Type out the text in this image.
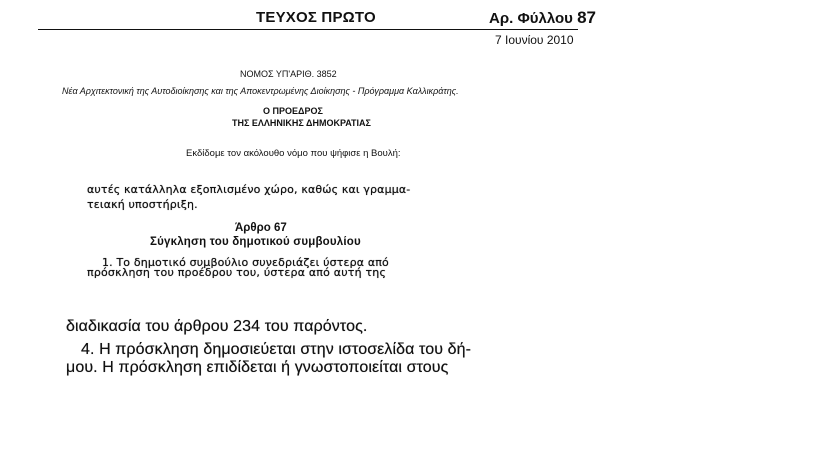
ΤΕΥΧΟΣ ΠΡΩΤΟ	Αρ. Φύλλου 87
7 Ιουνίου 2010
ΝΟΜΟΣ ΥΠ'ΑΡΙΘ. 3852
Νέα Αρχιτεκτονική της Αυτοδιοίκησης και της Αποκεντρωμένης Διοίκησης - Πρόγραμμα Καλλικράτης.
Ο ΠΡΟΕΔΡΟΣ
ΤΗΣ ΕΛΛΗΝΙΚΗΣ ΔΗΜΟΚΡΑΤΙΑΣ
Εκδίδομε τον ακόλουθο νόμο που ψήφισε η Βουλή:
αυτές κατάλληλα εξοπλισμένο χώρο, καθώς και γραμμα-
τειακή υποστήριξη.
Άρθρο 67
Σύγκληση του δημοτικού συμβουλίου
1. Το δημοτικό συμβούλιο συνεδριάζει ύστερα από
πρόσκληση του προέδρου του, ύστερα από αυτή της
διαδικασία του άρθρου 234 του παρόντος.
4. Η πρόσκληση δημοσιεύεται στην ιστοσελίδα του δή-
μου. Η πρόσκληση επιδίδεται ή γνωστοποιείται στους
